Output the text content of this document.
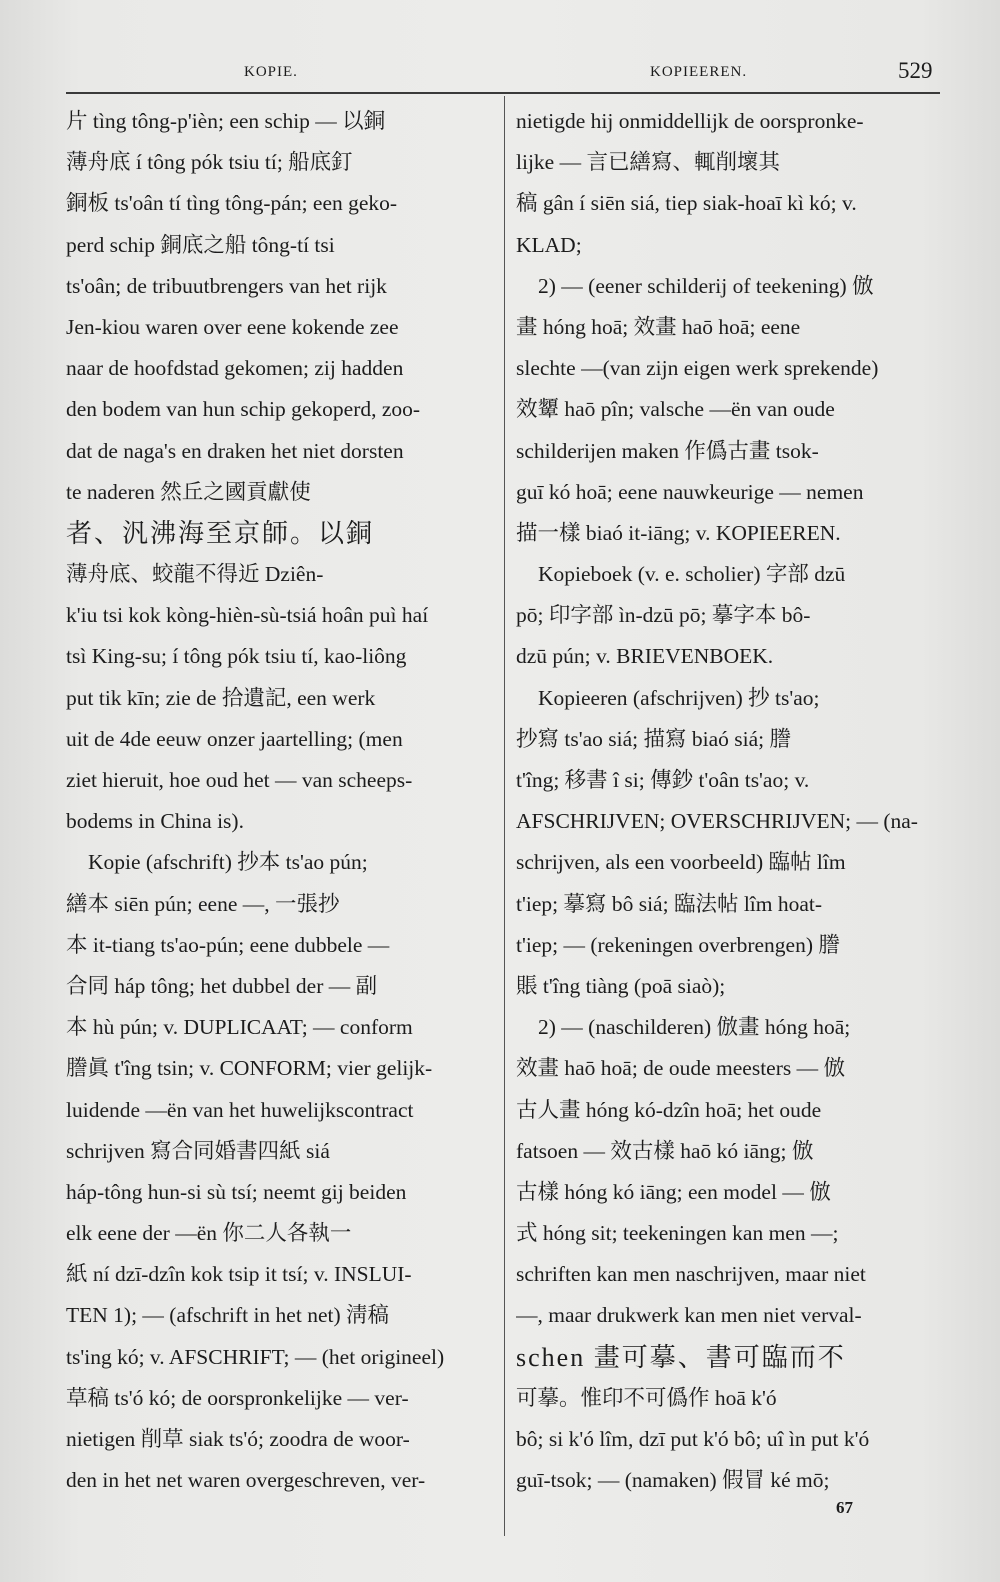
KOPIE.	KOPIEEREN.	529
片 tìng tông-p'ièn; een schip — 以銅
薄舟底 í tông pók tsiu tí; 船底釘
銅板 ts'oân tí tìng tông-pán; een geko-
perd schip 銅底之船 tông-tí tsi
ts'oân; de tribuutbrengers van het rijk
Jen-kiou waren over eene kokende zee
naar de hoofdstad gekomen; zij hadden
den bodem van hun schip gekoperd, zoo-
dat de naga's en draken het niet dorsten
te naderen 然丘之國貢獻使
者、汎沸海至京師。以銅
薄舟底、蛟龍不得近 Dziên-
k'iu tsi kok kòng-hièn-sù-tsiá hoân puì haí
tsì King-su; í tông pók tsiu tí, kao-liông
put tik kīn; zie de 拾遺記, een werk
uit de 4de eeuw onzer jaartelling; (men
ziet hieruit, hoe oud het — van scheeps-
bodems in China is).
Kopie (afschrift) 抄本 ts'ao pún;
繕本 siēn pún; eene —, 一張抄
本 it-tiang ts'ao-pún; eene dubbele —
合同 háp tông; het dubbel der — 副
本 hù pún; v. DUPLICAAT; — conform
謄眞 t'îng tsin; v. CONFORM; vier gelijk-
luidende —ën van het huwelijkscontract
schrijven 寫合同婚書四紙 siá
háp-tông hun-si sù tsí; neemt gij beiden
elk eene der —ën 你二人各執一
紙 ní dzī-dzîn kok tsip it tsí; v. INSLUI-
TEN 1); — (afschrift in het net) 淸稿
ts'ing kó; v. AFSCHRIFT; — (het origineel)
草稿 ts'ó kó; de oorspronkelijke — ver-
nietigen 削草 siak ts'ó; zoodra de woor-
den in het net waren overgeschreven, ver-
nietigde hij onmiddellijk de oorspronke-
lijke — 言已繕寫、輒削壞其
稿 gân í siēn siá, tiep siak-hoaī kì kó; v.
KLAD;
2) — (eener schilderij of teekening) 倣
畫 hóng hoā; 效畫 haō hoā; eene
slechte —(van zijn eigen werk sprekende)
效顰 haō pîn; valsche —ën van oude
schilderijen maken 作僞古畫 tsok-
guī kó hoā; eene nauwkeurige — nemen
描一樣 biaó it-iāng; v. KOPIEEREN.
Kopieboek (v. e. scholier) 字部 dzū
pō; 印字部 ìn-dzū pō; 摹字本 bô-
dzū pún; v. BRIEVENBOEK.
Kopieeren (afschrijven) 抄 ts'ao;
抄寫 ts'ao siá; 描寫 biaó siá; 謄
t'îng; 移書 î si; 傳鈔 t'oân ts'ao; v.
AFSCHRIJVEN; OVERSCHRIJVEN; — (na-
schrijven, als een voorbeeld) 臨帖 lîm
t'iep; 摹寫 bô siá; 臨法帖 lîm hoat-
t'iep; — (rekeningen overbrengen) 謄
賬 t'îng tiàng (poā siaò);
2) — (naschilderen) 倣畫 hóng hoā;
效畫 haō hoā; de oude meesters — 倣
古人畫 hóng kó-dzîn hoā; het oude
fatsoen — 效古樣 haō kó iāng; 倣
古樣 hóng kó iāng; een model — 倣
式 hóng sit; teekeningen kan men —;
schriften kan men naschrijven, maar niet
—, maar drukwerk kan men niet verval-
schen 畫可摹、書可臨而不
可摹。惟印不可僞作 hoā k'ó
bô; si k'ó lîm, dzī put k'ó bô; uî ìn put k'ó
guī-tsok; — (namaken) 假冒 ké mō;
67
